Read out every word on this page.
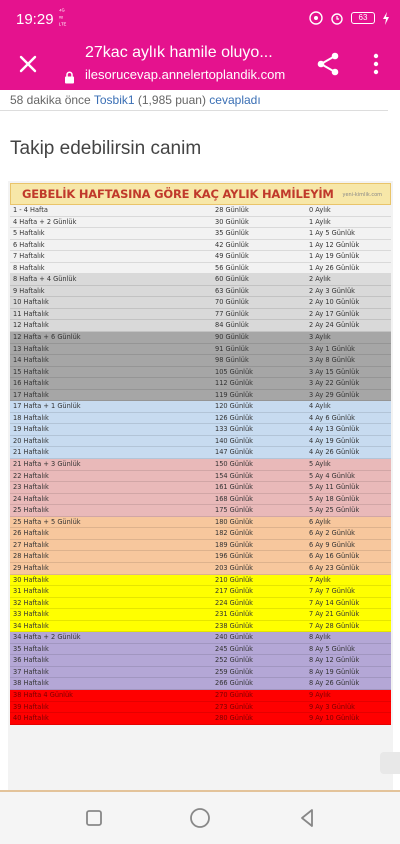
19:29 ⁴ᴳ
ᵛᵒ
ᴸᵀᴱ
63
27kac aylık hamile oluyo...
ilesorucevap.annelertoplandik.com
58 dakika önce Tosbik1 (1,985 puan) cevapladı
Takip edebilirsin canim
GEBELİK HAFTASINA GÖRE KAÇ AYLIK HAMİLEYİM yeni-kimlik.com
1 - 4 Hafta	28 Günlük	0 Aylık
4 Hafta + 2 Günlük	30 Günlük	1 Aylık
5 Haftalık	35 Günlük	1 Ay 5 Günlük
6 Haftalık	42 Günlük	1 Ay 12 Günlük
7 Haftalık	49 Günlük	1 Ay 19 Günlük
8 Haftalık	56 Günlük	1 Ay 26 Günlük
8 Hafta + 4 Günlük	60 Günlük	2 Aylık
9 Haftalık	63 Günlük	2 Ay 3 Günlük
10 Haftalık	70 Günlük	2 Ay 10 Günlük
11 Haftalık	77 Günlük	2 Ay 17 Günlük
12 Haftalık	84 Günlük	2 Ay 24 Günlük
12 Hafta + 6 Günlük	90 Günlük	3 Aylık
13 Haftalık	91 Günlük	3 Ay 1 Günlük
14 Haftalık	98 Günlük	3 Ay 8 Günlük
15 Haftalık	105 Günlük	3 Ay 15 Günlük
16 Haftalık	112 Günlük	3 Ay 22 Günlük
17 Haftalık	119 Günlük	3 Ay 29 Günlük
17 Hafta + 1 Günlük	120 Günlük	4 Aylık
18 Haftalık	126 Günlük	4 Ay 6 Günlük
19 Haftalık	133 Günlük	4 Ay 13 Günlük
20 Haftalık	140 Günlük	4 Ay 19 Günlük
21 Haftalık	147 Günlük	4 Ay 26 Günlük
21 Hafta + 3 Günlük	150 Günlük	5 Aylık
22 Haftalık	154 Günlük	5 Ay 4 Günlük
23 Haftalık	161 Günlük	5 Ay 11 Günlük
24 Haftalık	168 Günlük	5 Ay 18 Günlük
25 Haftalık	175 Günlük	5 Ay 25 Günlük
25 Hafta + 5 Günlük	180 Günlük	6 Aylık
26 Haftalık	182 Günlük	6 Ay 2 Günlük
27 Haftalık	189 Günlük	6 Ay 9 Günlük
28 Haftalık	196 Günlük	6 Ay 16 Günlük
29 Haftalık	203 Günlük	6 Ay 23 Günlük
30 Haftalık	210 Günlük	7 Aylık
31 Haftalık	217 Günlük	7 Ay 7 Günlük
32 Haftalık	224 Günlük	7 Ay 14 Günlük
33 Haftalık	231 Günlük	7 Ay 21 Günlük
34 Haftalık	238 Günlük	7 Ay 28 Günlük
34 Hafta + 2 Günlük	240 Günlük	8 Aylık
35 Haftalık	245 Günlük	8 Ay 5 Günlük
36 Haftalık	252 Günlük	8 Ay 12 Günlük
37 Haftalık	259 Günlük	8 Ay 19 Günlük
38 Haftalık	266 Günlük	8 Ay 26 Günlük
38 Hafta 4 Günlük	270 Günlük	9 Aylık
39 Haftalık	273 Günlük	9 Ay 3 Günlük
40 Haftalık	280 Günlük	9 Ay 10 Günlük
